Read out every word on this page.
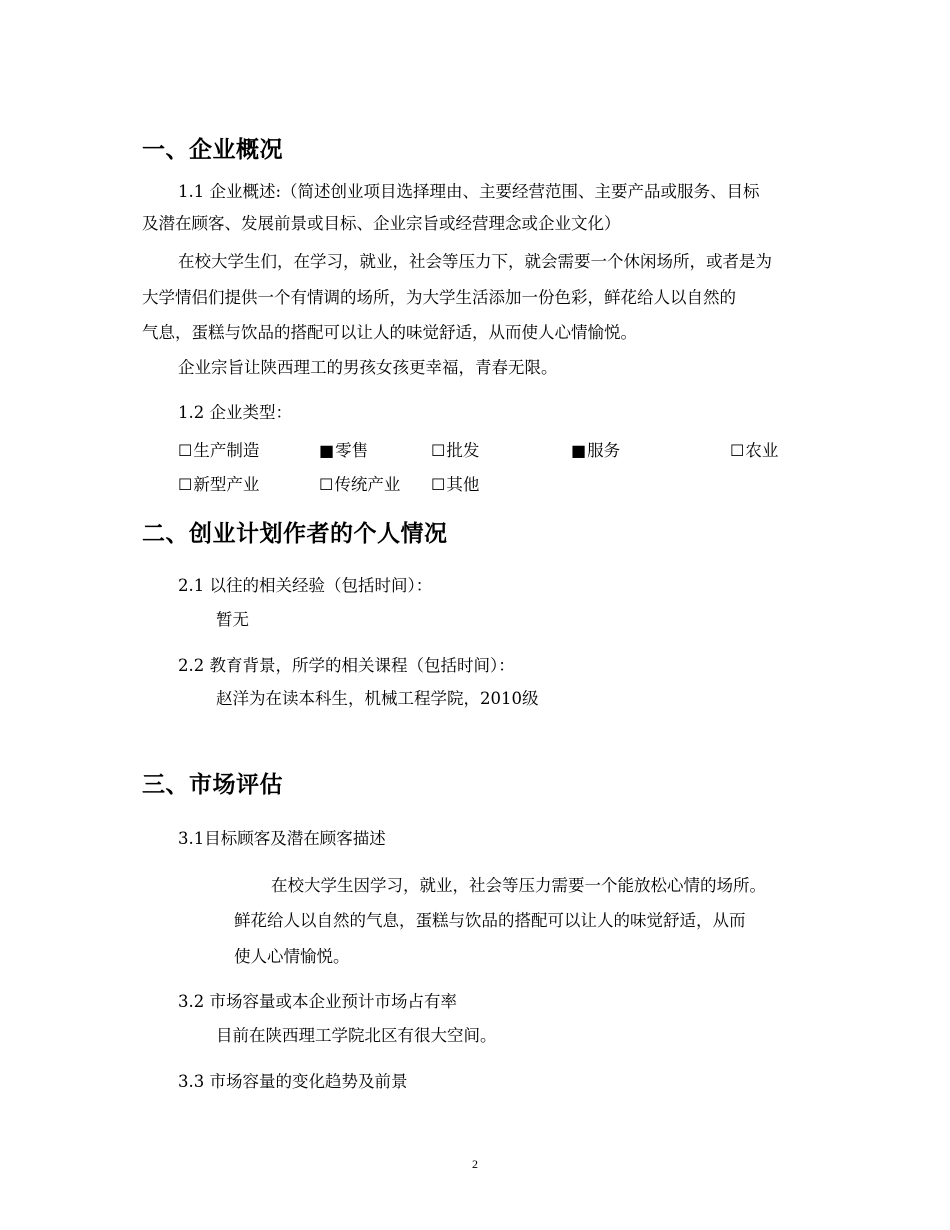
一、企业概况
1.1 企业概述:（简述创业项目选择理由、主要经营范围、主要产品或服务、目标
及潜在顾客、发展前景或目标、企业宗旨或经营理念或企业文化）
在校大学生们，在学习，就业，社会等压力下，就会需要一个休闲场所，或者是为
大学情侣们提供一个有情调的场所，为大学生活添加一份色彩，鲜花给人以自然的
气息，蛋糕与饮品的搭配可以让人的味觉舒适，从而使人心情愉悦。
企业宗旨让陕西理工的男孩女孩更幸福，青春无限。
1.2 企业类型：
☐生产制造	■零售	☐批发	■服务	☐农业
☐新型产业	☐传统产业 ☐其他
二、创业计划作者的个人情况
2.1 以往的相关经验（包括时间）：
暂无
2.2 教育背景，所学的相关课程（包括时间）：
赵洋为在读本科生，机械工程学院，2010级
三、市场评估
3.1目标顾客及潜在顾客描述
在校大学生因学习，就业，社会等压力需要一个能放松心情的场所。
鲜花给人以自然的气息，蛋糕与饮品的搭配可以让人的味觉舒适，从而
使人心情愉悦。
3.2 市场容量或本企业预计市场占有率
目前在陕西理工学院北区有很大空间。
3.3 市场容量的变化趋势及前景
2
